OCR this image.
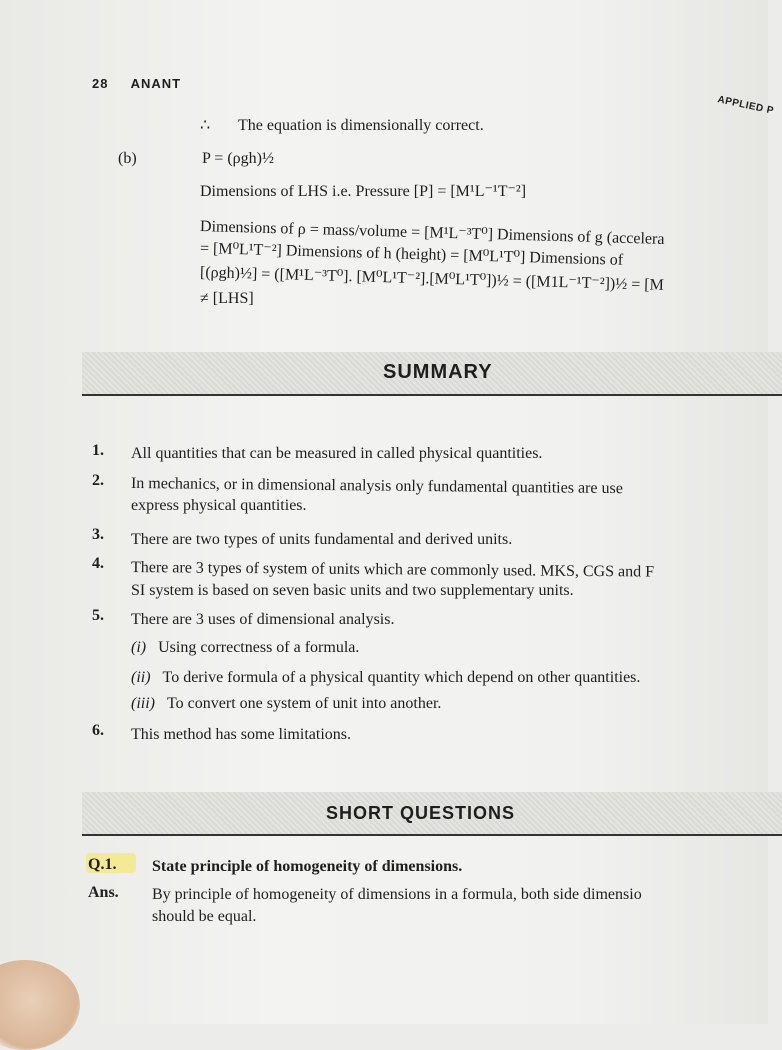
28 ANANT
APPLIED P
∴ The equation is dimensionally correct.
(b)	P = (ρgh)½
Dimensions of LHS i.e. Pressure [P] = [M¹L⁻¹T⁻²]
Dimensions of ρ = mass/volume = [M¹L⁻³T⁰] Dimensions of g (accelera
= [M⁰L¹T⁻²] Dimensions of h (height) = [M⁰L¹T⁰] Dimensions of
[(ρgh)½] = ([M¹L⁻³T⁰]. [M⁰L¹T⁻²].[M⁰L¹T⁰])½ = ([M1L⁻¹T⁻²])½ = [M
≠ [LHS]
SUMMARY
1. All quantities that can be measured in called physical quantities.
2. In mechanics, or in dimensional analysis only fundamental quantities are use
express physical quantities.
3. There are two types of units fundamental and derived units.
4. There are 3 types of system of units which are commonly used. MKS, CGS and F
SI system is based on seven basic units and two supplementary units.
5. There are 3 uses of dimensional analysis.
(i) Using correctness of a formula.
(ii) To derive formula of a physical quantity which depend on other quantities.
(iii) To convert one system of unit into another.
6. This method has some limitations.
SHORT QUESTIONS
Q.1. State principle of homogeneity of dimensions.
Ans. By principle of homogeneity of dimensions in a formula, both side dimensio
should be equal.
